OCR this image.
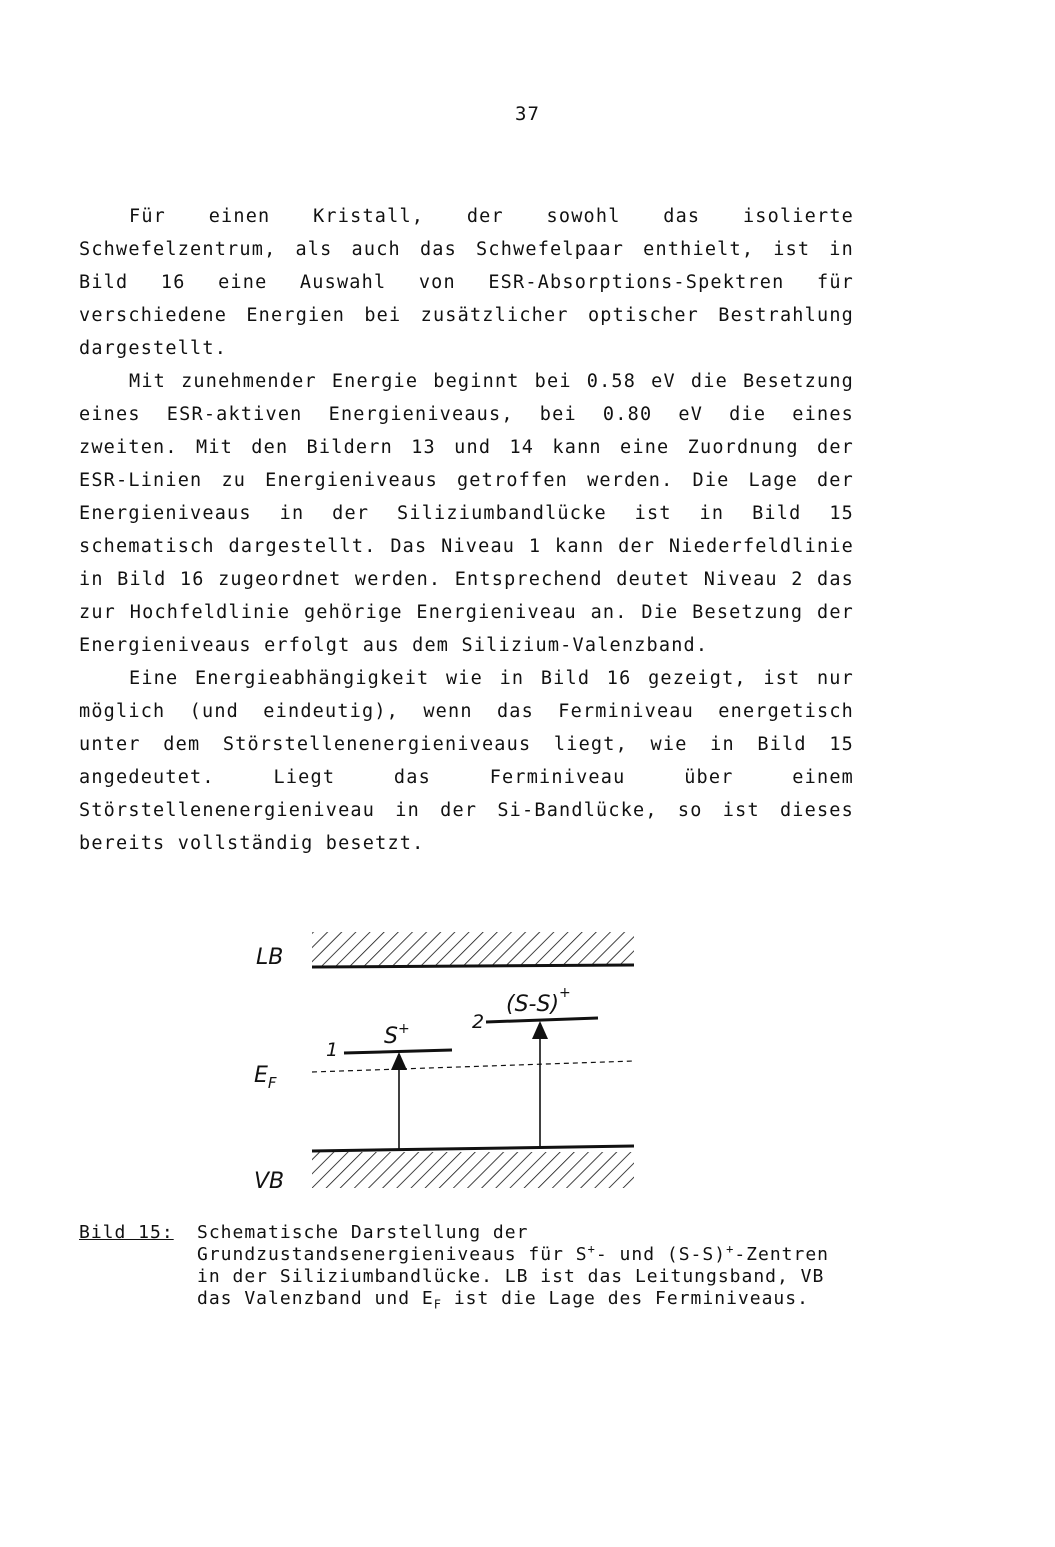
37

Für einen Kristall, der sowohl das isolierte Schwefelzentrum, als auch das Schwefelpaar enthielt, ist in Bild 16 eine Auswahl von ESR-Absorptions-Spektren für verschiedene Energien bei zusätzlicher optischer Bestrahlung dargestellt.

Mit zunehmender Energie beginnt bei 0.58 eV die Besetzung eines ESR-aktiven Energieniveaus, bei 0.80 eV die eines zweiten. Mit den Bildern 13 und 14 kann eine Zuordnung der ESR-Linien zu Energieniveaus getroffen werden. Die Lage der Energieniveaus in der Siliziumbandlücke ist in Bild 15 schematisch dargestellt. Das Niveau 1 kann der Niederfeldlinie in Bild 16 zugeordnet werden. Entsprechend deutet Niveau 2 das zur Hochfeldlinie gehörige Energieniveau an. Die Besetzung der Energieniveaus erfolgt aus dem Silizium-Valenzband.

Eine Energieabhängigkeit wie in Bild 16 gezeigt, ist nur möglich (und eindeutig), wenn das Ferminiveau energetisch unter dem Störstellenenergieniveaus liegt, wie in Bild 15 angedeutet. Liegt das Ferminiveau über einem Störstellenenergieniveau in der Si-Bandlücke, so ist dieses bereits vollständig besetzt.

LB
VB
$E_F$
1
S+	2
(S-S)+
Bild 15:	Schematische Darstellung der Grundzustandsenergieniveaus für S+- und (S-S)+-Zentren in der Siliziumbandlücke. LB ist das Leitungsband, VB das Valenzband und $E_F$ ist die Lage des Ferminiveaus.
